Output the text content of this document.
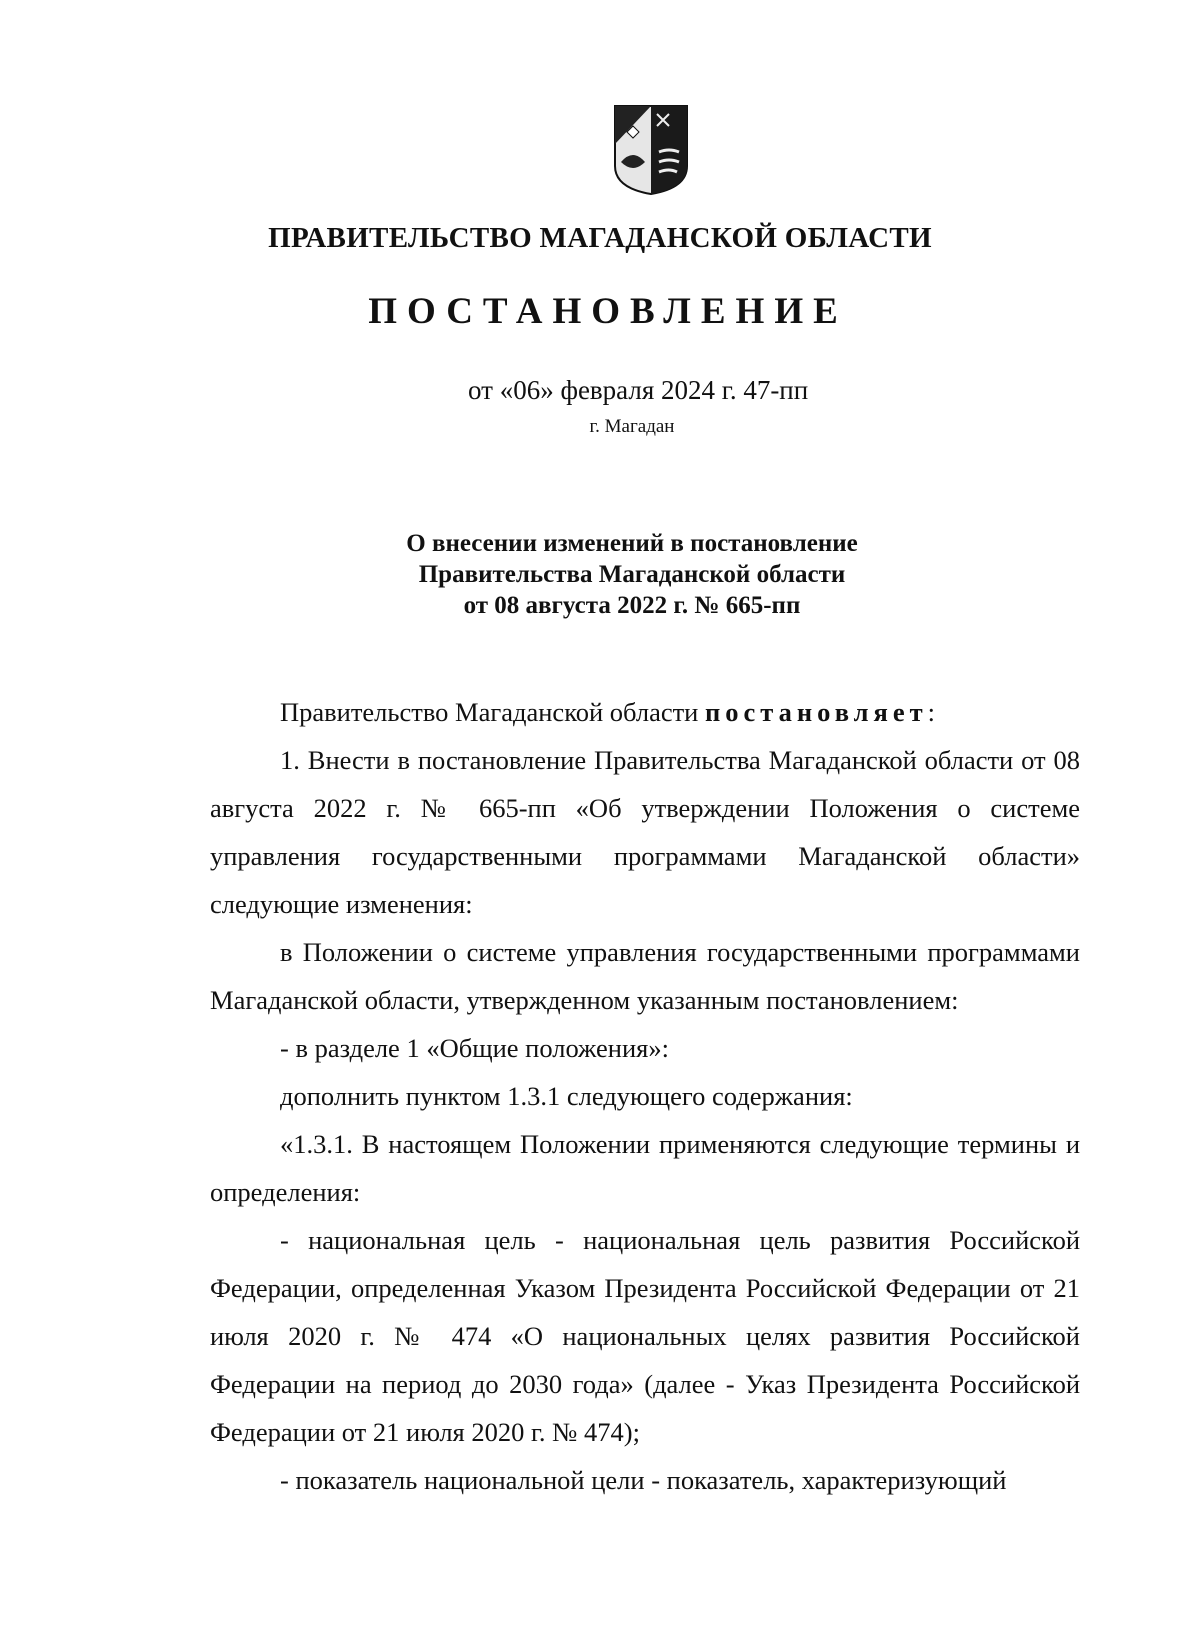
ПРАВИТЕЛЬСТВО МАГАДАНСКОЙ ОБЛАСТИ
ПОСТАНОВЛЕНИЕ
от «06» февраля 2024 г. 47-пп
г. Магадан
О внесении изменений в постановление
Правительства Магаданской области
от 08 августа 2022 г. № 665-пп

Правительство Магаданской области постановляет:

1. Внести в постановление Правительства Магаданской области от 08 августа 2022 г. № 665-пп «Об утверждении Положения о системе управления государственными программами Магаданской области» следующие изменения:

в Положении о системе управления государственными программами Магаданской области, утвержденном указанным постановлением:

- в разделе 1 «Общие положения»:

дополнить пунктом 1.3.1 следующего содержания:

«1.3.1. В настоящем Положении применяются следующие термины и определения:

- национальная цель - национальная цель развития Российской Федерации, определенная Указом Президента Российской Федерации от 21 июля 2020 г. № 474 «О национальных целях развития Российской Федерации на период до 2030 года» (далее - Указ Президента Российской Федерации от 21 июля 2020 г. № 474);

- показатель национальной цели - показатель, характеризующий
